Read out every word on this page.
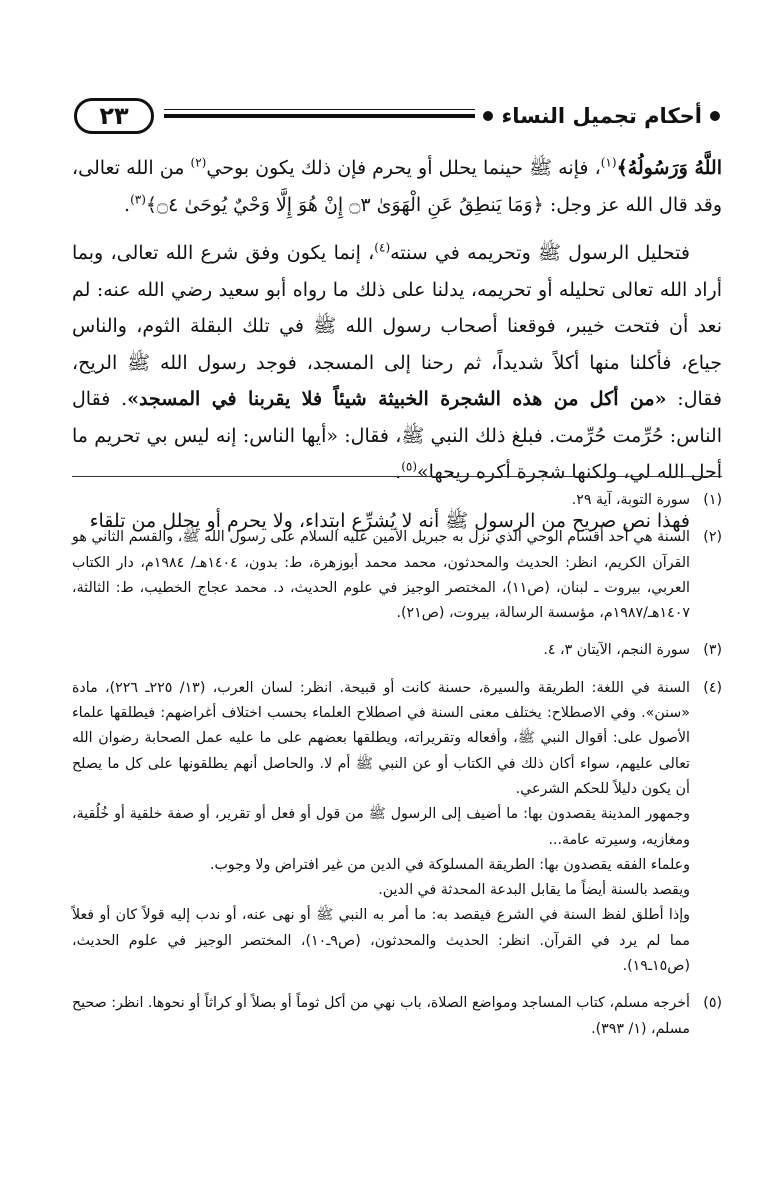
أحكام تجميل النساء
٢٣

اللَّهُ وَرَسُولُهُ﴾$^{(١)}$، فإنه ﷺ حينما يحلل أو يحرم فإن ذلك يكون بوحي$^{(٢)}$ من الله تعالى، وقد قال الله عز وجل: ﴿وَمَا يَنطِقُ عَنِ الْهَوَىٰ ۝٣ إِنْ هُوَ إِلَّا وَحْيٌ يُوحَىٰ ۝٤﴾$^{(٣)}$.

فتحليل الرسول ﷺ وتحريمه في سنته$^{(٤)}$، إنما يكون وفق شرع الله تعالى، وبما أراد الله تعالى تحليله أو تحريمه، يدلنا على ذلك ما رواه أبو سعيد رضي الله عنه: لم نعد أن فتحت خيبر، فوقعنا أصحاب رسول الله ﷺ في تلك البقلة الثوم، والناس جياع، فأكلنا منها أكلاً شديداً، ثم رحنا إلى المسجد، فوجد رسول الله ﷺ الريح، فقال: «من أكل من هذه الشجرة الخبيثة شيئاً فلا يقربنا في المسجد». فقال الناس: حُرِّمت حُرِّمت. فبلغ ذلك النبي ﷺ، فقال: «أيها الناس: إنه ليس بي تحريم ما أحل الله لي، ولكنها شجرة أكره ريحها»$^{(٥)}$.

فهذا نص صريح من الرسول ﷺ أنه لا يُشرِّع ابتداء، ولا يحرم أو يحلل من تلقاء

(١)

سورة التوبة، آية ٢٩.

(٢)

السنة هي أحد أقسام الوحي الذي نزل به جبريل الأمين عليه السلام على رسول الله ﷺ، والقسم الثاني هو القرآن الكريم، انظر: الحديث والمحدثون، محمد محمد أبوزهرة، ط: بدون، ١٤٠٤هـ/ ١٩٨٤م، دار الكتاب العربي، بيروت ـ لبنان، (ص١١)، المختصر الوجيز في علوم الحديث، د. محمد عجاج الخطيب، ط: الثالثة، ١٤٠٧هـ/١٩٨٧م، مؤسسة الرسالة، بيروت، (ص٢١).

(٣)

سورة النجم، الآيتان ٣، ٤.

(٤)

السنة في اللغة: الطريقة والسيرة، حسنة كانت أو قبيحة. انظر: لسان العرب، (١٣/ ٢٢٥ـ ٢٢٦)، مادة «سنن». وفي الاصطلاح: يختلف معنى السنة في اصطلاح العلماء بحسب اختلاف أغراضهم: فيطلقها علماء الأصول على: أقوال النبي ﷺ، وأفعاله وتقريراته، ويطلقها بعضهم على ما عليه عمل الصحابة رضوان الله تعالى عليهم، سواء أكان ذلك في الكتاب أو عن النبي ﷺ أم لا. والحاصل أنهم يطلقونها على كل ما يصلح أن يكون دليلاً للحكم الشرعي.

وجمهور المدينة يقصدون بها: ما أضيف إلى الرسول ﷺ من قول أو فعل أو تقرير، أو صفة خلقية أو خُلُقية، ومغازيه، وسيرته عامة...

وعلماء الفقه يقصدون بها: الطريقة المسلوكة في الدين من غير افتراض ولا وجوب.

ويقصد بالسنة أيضاً ما يقابل البدعة المحدثة في الدين.

وإذا أطلق لفظ السنة في الشرع فيقصد به: ما أمر به النبي ﷺ أو نهى عنه، أو ندب إليه قولاً كان أو فعلاً مما لم يرد في القرآن. انظر: الحديث والمحدثون، (ص٩ـ١٠)، المختصر الوجيز في علوم الحديث، (ص١٥ـ١٩).

(٥)

أخرجه مسلم، كتاب المساجد ومواضع الصلاة، باب نهي من أكل ثوماً أو بصلاً أو كراثاً أو نحوها. انظر: صحيح مسلم، (١/ ٣٩٣).
